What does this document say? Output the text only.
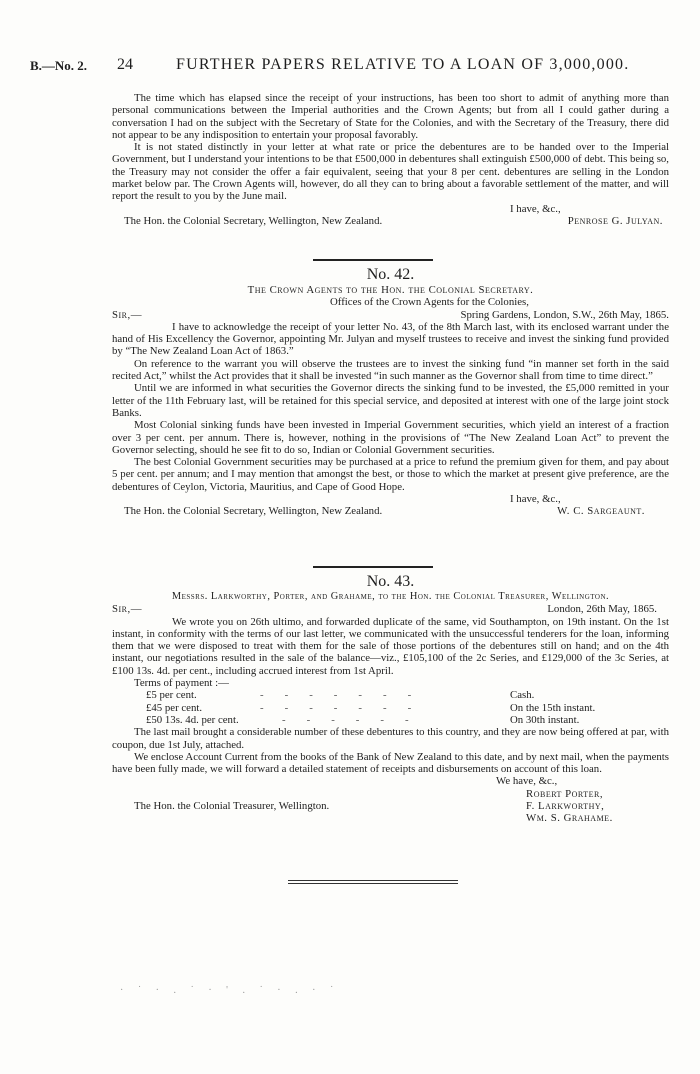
B.—No. 2. 24	FURTHER PAPERS RELATIVE TO A LOAN OF 3,000,000.

The time which has elapsed since the receipt of your instructions, has been too short to admit of anything more than personal communications between the Imperial authorities and the Crown Agents; but from all I could gather during a conversation I had on the subject with the Secretary of State for the Colonies, and with the Secretary of the Treasury, there did not appear to be any indisposition to entertain your proposal favorably.

It is not stated distinctly in your letter at what rate or price the debentures are to be handed over to the Imperial Government, but I understand your intentions to be that £500,000 in debentures shall extinguish £500,000 of debt. This being so, the Treasury may not consider the offer a fair equivalent, seeing that your 8 per cent. debentures are selling in the London market below par. The Crown Agents will, however, do all they can to bring about a favorable settlement of the matter, and will report the result to you by the June mail.

I have, &c.,
The Hon. the Colonial Secretary, Wellington, New Zealand.	Penrose G. Julyan.
No. 42.
The Crown Agents to the Hon. the Colonial Secretary.
Offices of the Crown Agents for the Colonies,
Sir,—	Spring Gardens, London, S.W., 26th May, 1865.

I have to acknowledge the receipt of your letter No. 43, of the 8th March last, with its enclosed warrant under the hand of His Excellency the Governor, appointing Mr. Julyan and myself trustees to receive and invest the sinking fund provided by “The New Zealand Loan Act of 1863.”

On reference to the warrant you will observe the trustees are to invest the sinking fund “in manner set forth in the said recited Act,” whilst the Act provides that it shall be invested “in such manner as the Governor shall from time to time direct.”

Until we are informed in what securities the Governor directs the sinking fund to be invested, the £5,000 remitted in your letter of the 11th February last, will be retained for this special service, and deposited at interest with one of the large joint stock Banks.

Most Colonial sinking funds have been invested in Imperial Government securities, which yield an interest of a fraction over 3 per cent. per annum. There is, however, nothing in the provisions of “The New Zealand Loan Act” to prevent the Governor selecting, should he see fit to do so, Indian or Colonial Government securities.

The best Colonial Government securities may be purchased at a price to refund the premium given for them, and pay about 5 per cent. per annum; and I may mention that amongst the best, or those to which the market at present give preference, are the debentures of Ceylon, Victoria, Mauritius, and Cape of Good Hope.

I have, &c.,
The Hon. the Colonial Secretary, Wellington, New Zealand.	W. C. Sargeaunt.
No. 43.
Messrs. Larkworthy, Porter, and Grahame, to the Hon. the Colonial Treasurer, Wellington.
Sir,—	London, 26th May, 1865.

We wrote you on 26th ultimo, and forwarded duplicate of the same, vid Southampton, on 19th instant. On the 1st instant, in conformity with the terms of our last letter, we communicated with the unsuccessful tenderers for the loan, informing them that we were disposed to treat with them for the sale of those portions of the debentures still on hand; and on the 4th instant, our negotiations resulted in the sale of the balance—viz., £105,100 of the 2c Series, and £129,000 of the 3c Series, at £100 13s. 4d. per cent., including accrued interest from 1st April.

Terms of payment :—

£5 per cent.	-------	Cash.
£45 per cent.	-------	On the 15th instant.
£50 13s. 4d. per cent.	------	On 30th instant.

The last mail brought a considerable number of these debentures to this country, and they are now being offered at par, with coupon, due 1st July, attached.

We enclose Account Current from the books of the Bank of New Zealand to this date, and by next mail, when the payments have been fully made, we will forward a detailed statement of receipts and disbursements on account of this loan.

We have, &c.,
Robert Porter,
The Hon. the Colonial Treasurer, Wellington.	F. Larkworthy,
Wm. S. Grahame.
· ˙ · . ˙ · ' . ˙ · . · ˙
